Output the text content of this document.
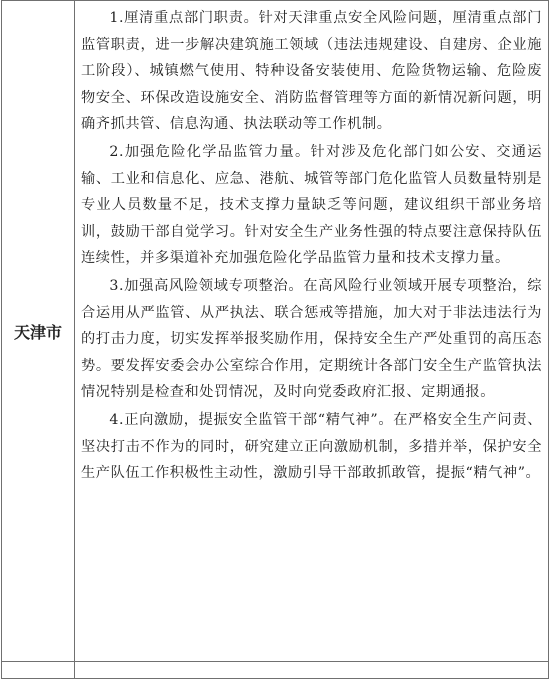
天津市	1.厘清重点部门职责。针对天津重点安全风险问题，厘清重点部门监管职责，进一步解决建筑施工领域（违法违规建设、自建房、企业施工阶段）、城镇燃气使用、特种设备安装使用、危险货物运输、危险废物安全、环保改造设施安全、消防监督管理等方面的新情况新问题，明确齐抓共管、信息沟通、执法联动等工作机制。

2.加强危险化学品监管力量。针对涉及危化部门如公安、交通运输、工业和信息化、应急、港航、城管等部门危化监管人员数量特别是专业人员数量不足，技术支撑力量缺乏等问题，建议组织干部业务培训，鼓励干部自觉学习。针对安全生产业务性强的特点要注意保持队伍连续性，并多渠道补充加强危险化学品监管力量和技术支撑力量。

3.加强高风险领域专项整治。在高风险行业领域开展专项整治，综合运用从严监管、从严执法、联合惩戒等措施，加大对于非法违法行为的打击力度，切实发挥举报奖励作用，保持安全生产严处重罚的高压态势。要发挥安委会办公室综合作用，定期统计各部门安全生产监管执法情况特别是检查和处罚情况，及时向党委政府汇报、定期通报。

4.正向激励，提振安全监管干部“精气神”。在严格安全生产问责、坚决打击不作为的同时，研究建立正向激励机制，多措并举，保护安全生产队伍工作积极性主动性，激励引导干部敢抓敢管，提振“精气神”。
